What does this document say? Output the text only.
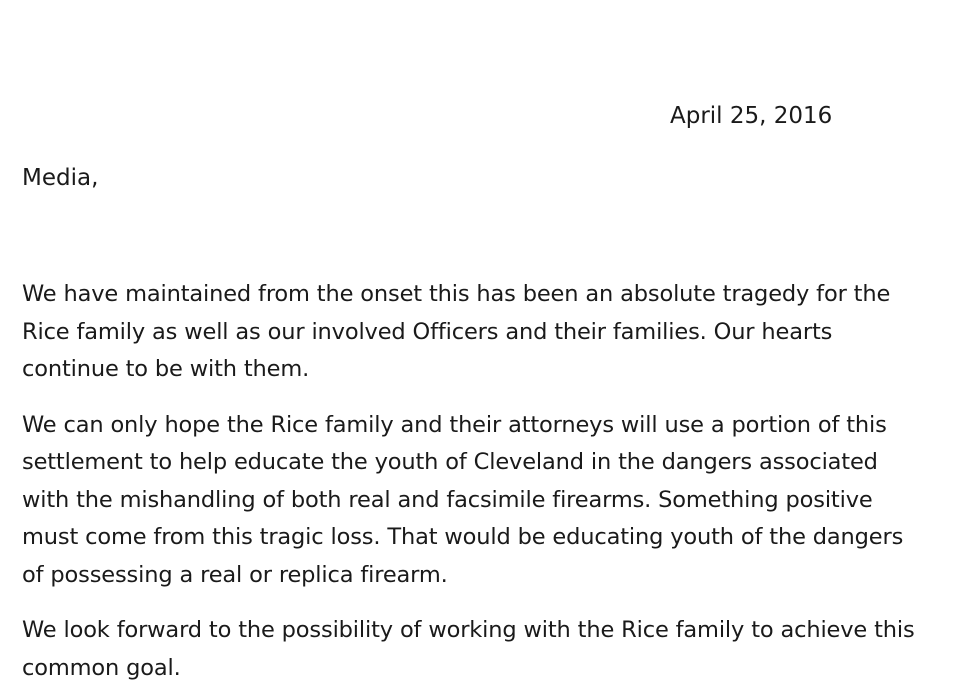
April 25, 2016
Media,

We have maintained from the onset this has been an absolute tragedy for the
Rice family as well as our involved Officers and their families. Our hearts
continue to be with them.

We can only hope the Rice family and their attorneys will use a portion of this
settlement to help educate the youth of Cleveland in the dangers associated
with the mishandling of both real and facsimile firearms. Something positive
must come from this tragic loss. That would be educating youth of the dangers
of possessing a real or replica firearm.

We look forward to the possibility of working with the Rice family to achieve this
common goal.
